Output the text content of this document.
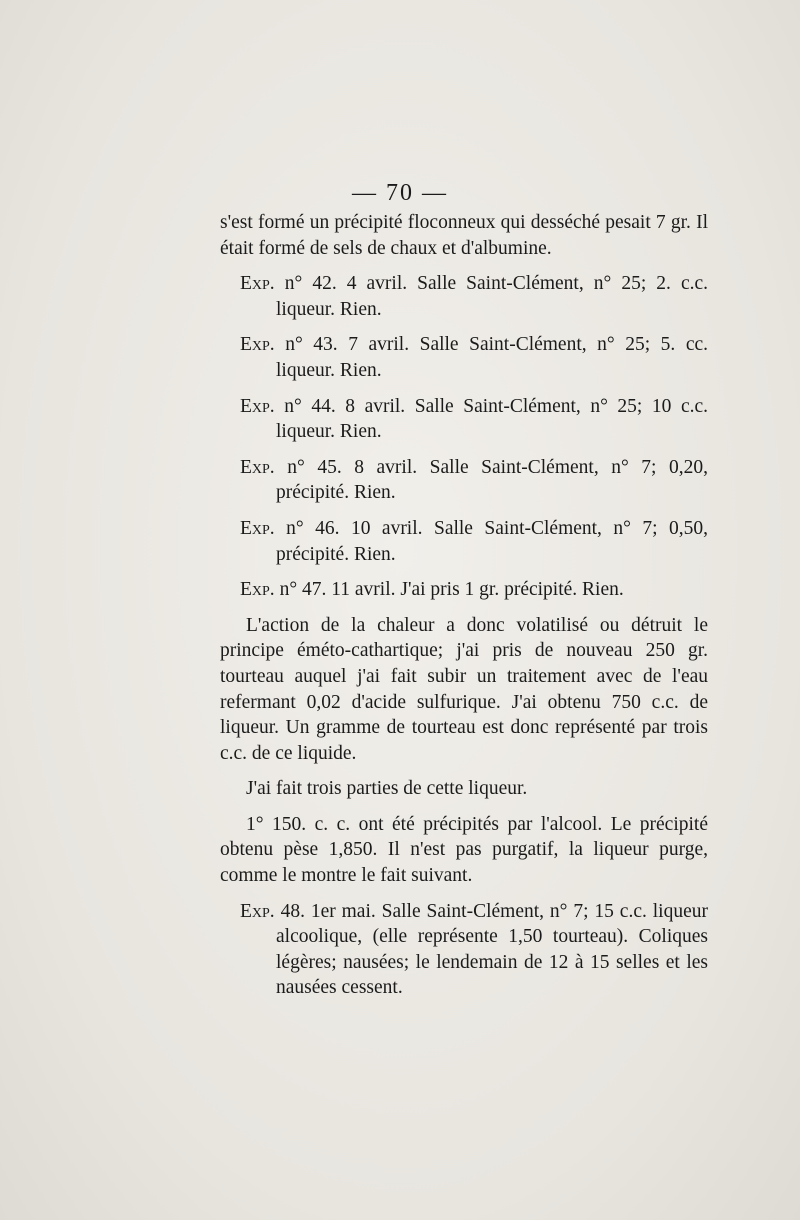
— 70 —

s'est formé un précipité floconneux qui desséché pesait 7 gr. Il était formé de sels de chaux et d'albumine.

Exp. n° 42. 4 avril. Salle Saint-Clément, n° 25; 2. c.c. liqueur. Rien.

Exp. n° 43. 7 avril. Salle Saint-Clément, n° 25; 5. cc. liqueur. Rien.

Exp. n° 44. 8 avril. Salle Saint-Clément, n° 25; 10 c.c. liqueur. Rien.

Exp. n° 45. 8 avril. Salle Saint-Clément, n° 7; 0,20, précipité. Rien.

Exp. n° 46. 10 avril. Salle Saint-Clément, n° 7; 0,50, précipité. Rien.

Exp. n° 47. 11 avril. J'ai pris 1 gr. précipité. Rien.

L'action de la chaleur a donc volatilisé ou détruit le principe éméto-cathartique; j'ai pris de nouveau 250 gr. tourteau auquel j'ai fait subir un traitement avec de l'eau refermant 0,02 d'acide sulfurique. J'ai obtenu 750 c.c. de liqueur. Un gramme de tourteau est donc représenté par trois c.c. de ce liquide.

J'ai fait trois parties de cette liqueur.

1° 150. c. c. ont été précipités par l'alcool. Le précipité obtenu pèse 1,850. Il n'est pas purgatif, la liqueur purge, comme le montre le fait suivant.

Exp. 48. 1er mai. Salle Saint-Clément, n° 7; 15 c.c. liqueur alcoolique, (elle représente 1,50 tourteau). Coliques légères; nausées; le lendemain de 12 à 15 selles et les nausées cessent.
